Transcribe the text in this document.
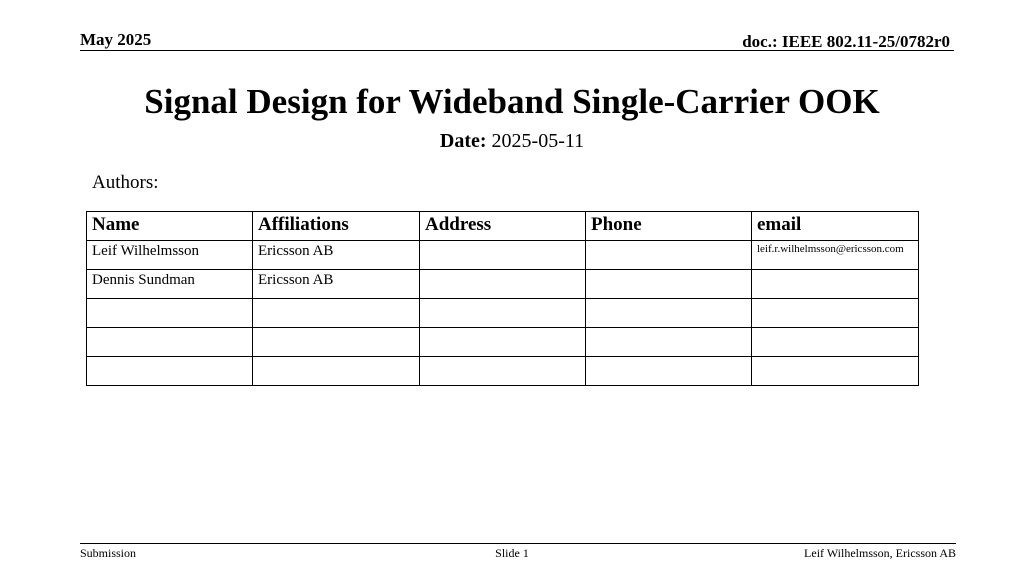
May 2025	doc.: IEEE 802.11-25/0782r0
Signal Design for Wideband Single-Carrier OOK
Date: 2025-05-11
Authors:
Name	Affiliations	Address	Phone	email
Leif Wilhelmsson	Ericsson AB			leif.r.wilhelmsson@ericsson.com
Dennis Sundman	Ericsson AB			

Submission	Slide 1	Leif Wilhelmsson, Ericsson AB
